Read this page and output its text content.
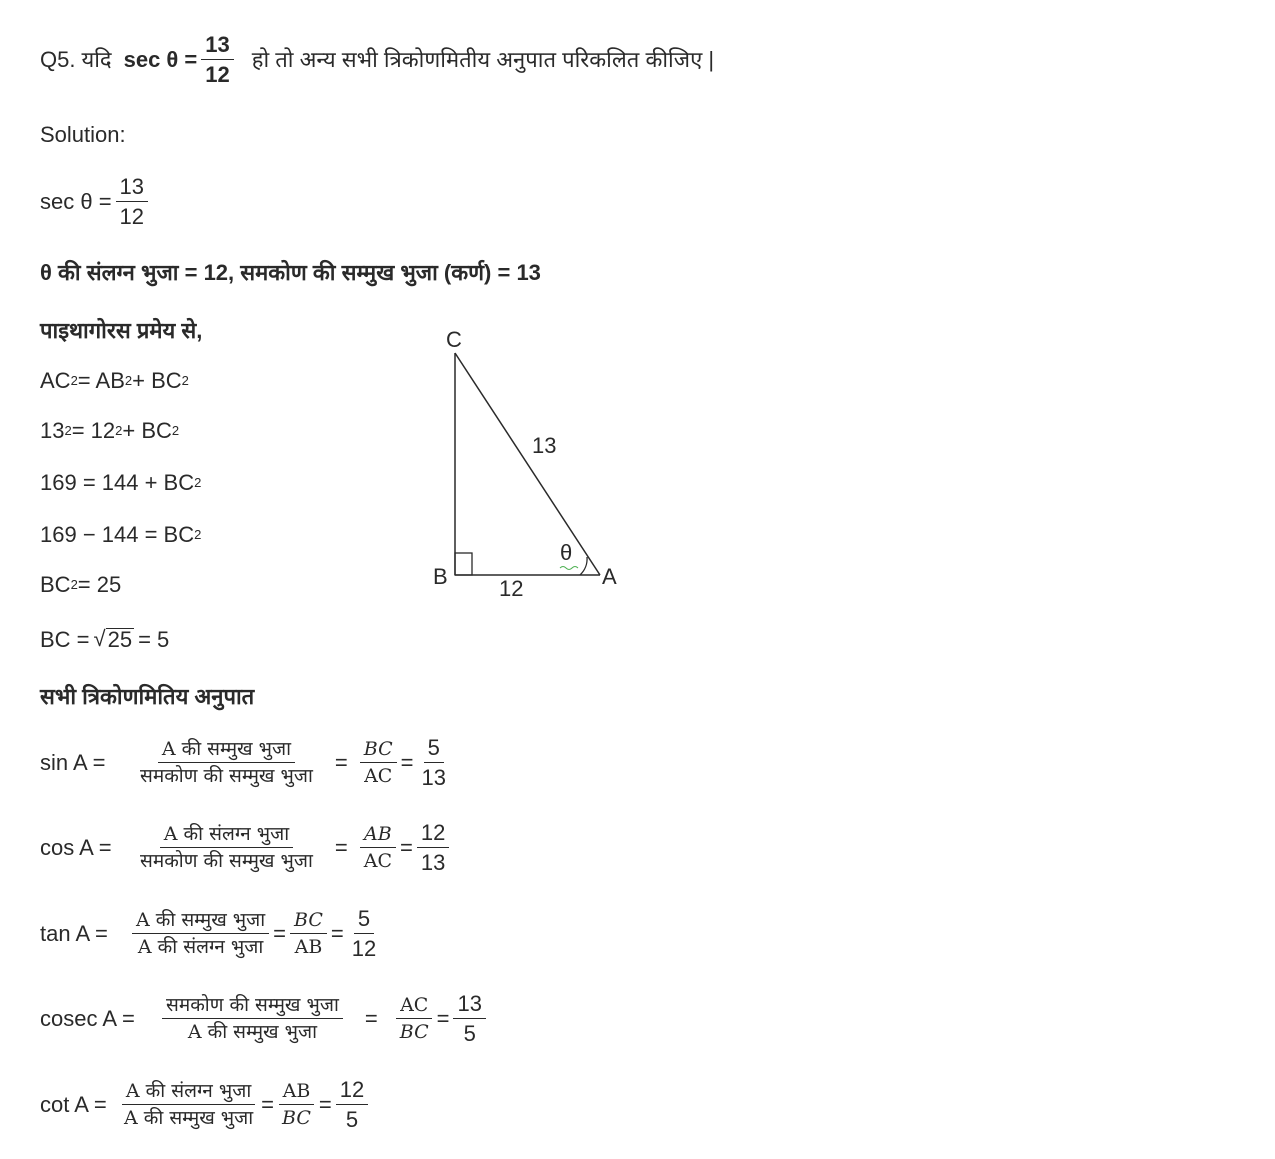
Q5. यदि $\sec \theta = \frac{13}{12}$ हो तो अन्य सभी त्रिकोणमितीय अनुपात परिकलित कीजिए |
Solution:
$\sec \theta = \frac{13}{12}$
θ की संलग्न भुजा = 12, समकोण की सम्मुख भुजा (कर्ण) = 13
पाइथागोरस प्रमेय से,
AC 2 = AB 2 + BC 2
13 2 = 12 2 + BC 2
169 = 144 + BC 2
169 − 144 = BC 2
BC 2 = 25
BC = √ 25 = 5
सभी त्रिकोणमितिय अनुपात
sin A =	$\frac{\text{A की सम्मुख भुजा}}{\text{समकोण की सम्मुख भुजा}} = \frac{BC}{AC} = \frac{5}{13}$
cos A =	$\frac{\text{A की संलग्न भुजा}}{\text{समकोण की सम्मुख भुजा}} = \frac{AB}{AC} = \frac{12}{13}$
tan A =	$\frac{\text{A की सम्मुख भुजा}}{\text{A की संलग्न भुजा}} = \frac{BC}{AB} = \frac{5}{12}$
cosec A =	$\frac{\text{समकोण की सम्मुख भुजा}}{\text{A की सम्मुख भुजा}} = \frac{AC}{BC} = \frac{13}{5}$
$\cot A = \frac{\text{A की संलग्न भुजा}}{\text{A की सम्मुख भुजा}} = \frac{AB}{BC} = \frac{12}{5}$
C
B	A
13
12
θ
